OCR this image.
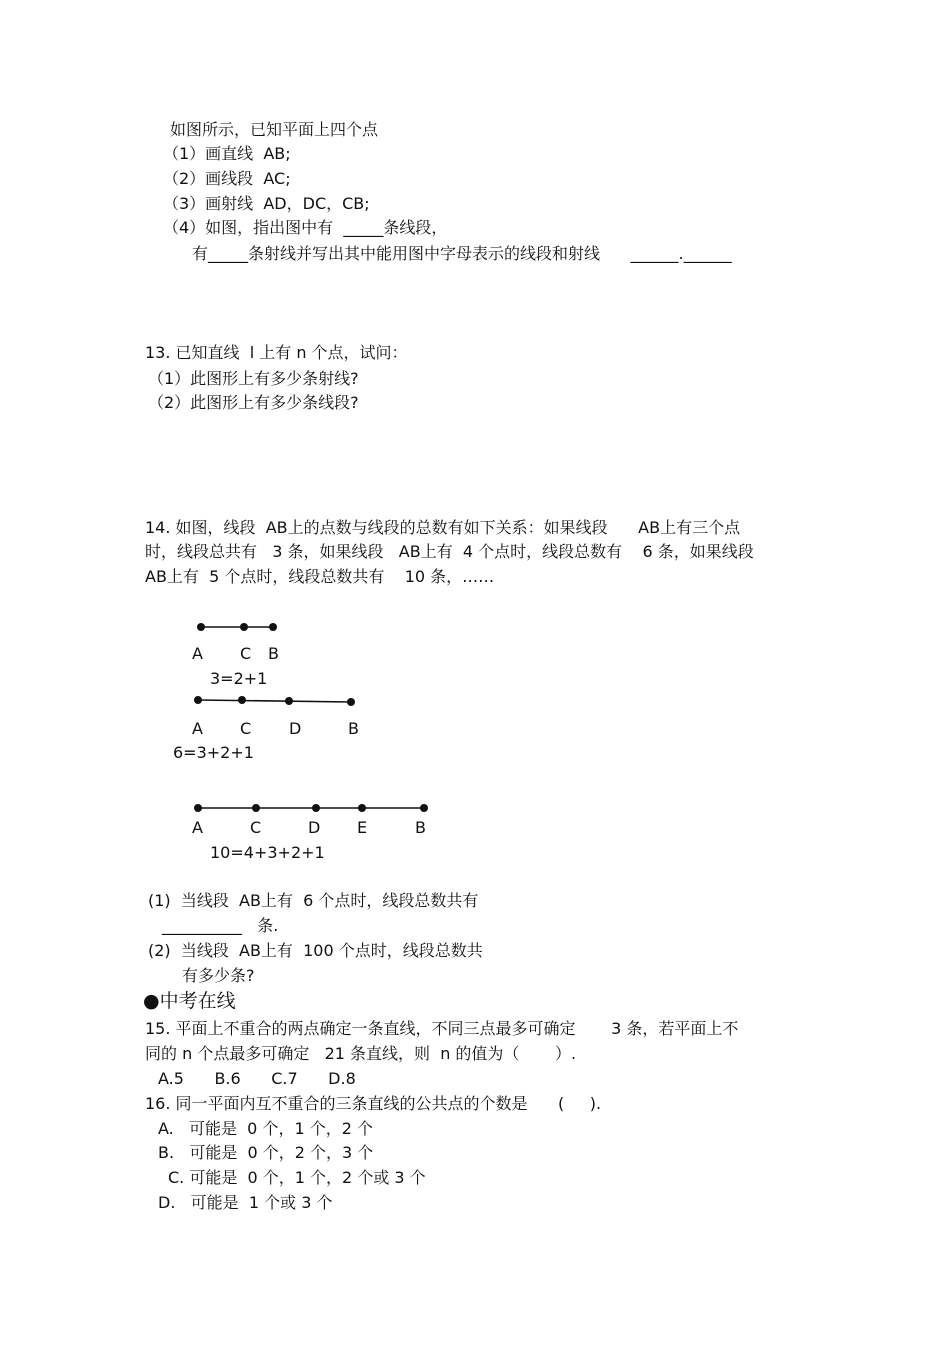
如图所示，已知平面上四个点
（1）画直线  AB;
（2）画线段  AC;
（3）画射线  AD，DC，CB;
（4）如图，指出图中有  _____条线段，
有_____条射线并写出其中能用图中字母表示的线段和射线      ______.______
13. 已知直线  l 上有 n 个点，试问：
（1）此图形上有多少条射线?
（2）此图形上有多少条线段?
14. 如图，线段  AB上的点数与线段的总数有如下关系：如果线段      AB上有三个点
时，线段总共有   3 条，如果线段   AB上有  4 个点时，线段总数有    6 条，如果线段
AB上有  5 个点时，线段总数共有    10 条，……
A C B
3=2+1
A C D	B
6=3+2+1
A	C	D E	B
10=4+3+2+1
(1)  当线段  AB上有  6 个点时，线段总数共有
__________   条.
(2)  当线段  AB上有  100 个点时，线段总数共
有多少条?
●中考在线
15. 平面上不重合的两点确定一条直线，不同三点最多可确定       3 条，若平面上不
同的 n 个点最多可确定   21 条直线，则  n 的值为（       ）.
A.5      B.6      C.7      D.8
16. 同一平面内互不重合的三条直线的公共点的个数是      (     ).
A.   可能是  0 个，1 个，2 个
B.   可能是  0 个，2 个，3 个
C. 可能是  0 个，1 个，2 个或 3 个
D.   可能是  1 个或 3 个
